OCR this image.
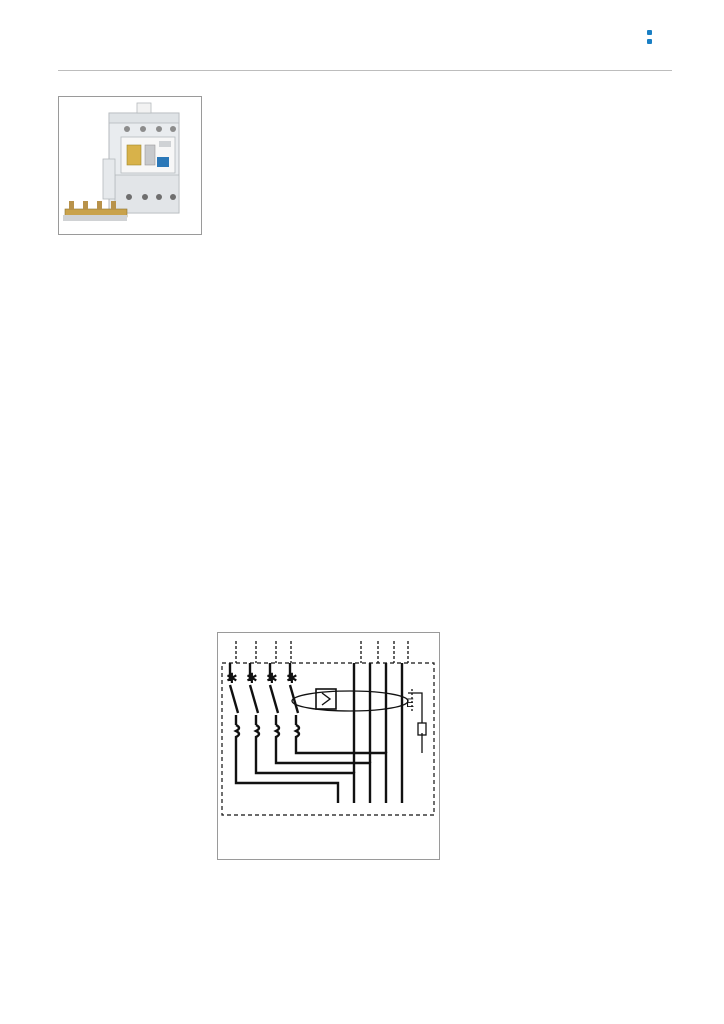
✱ ✱ ✱ ✱
E
